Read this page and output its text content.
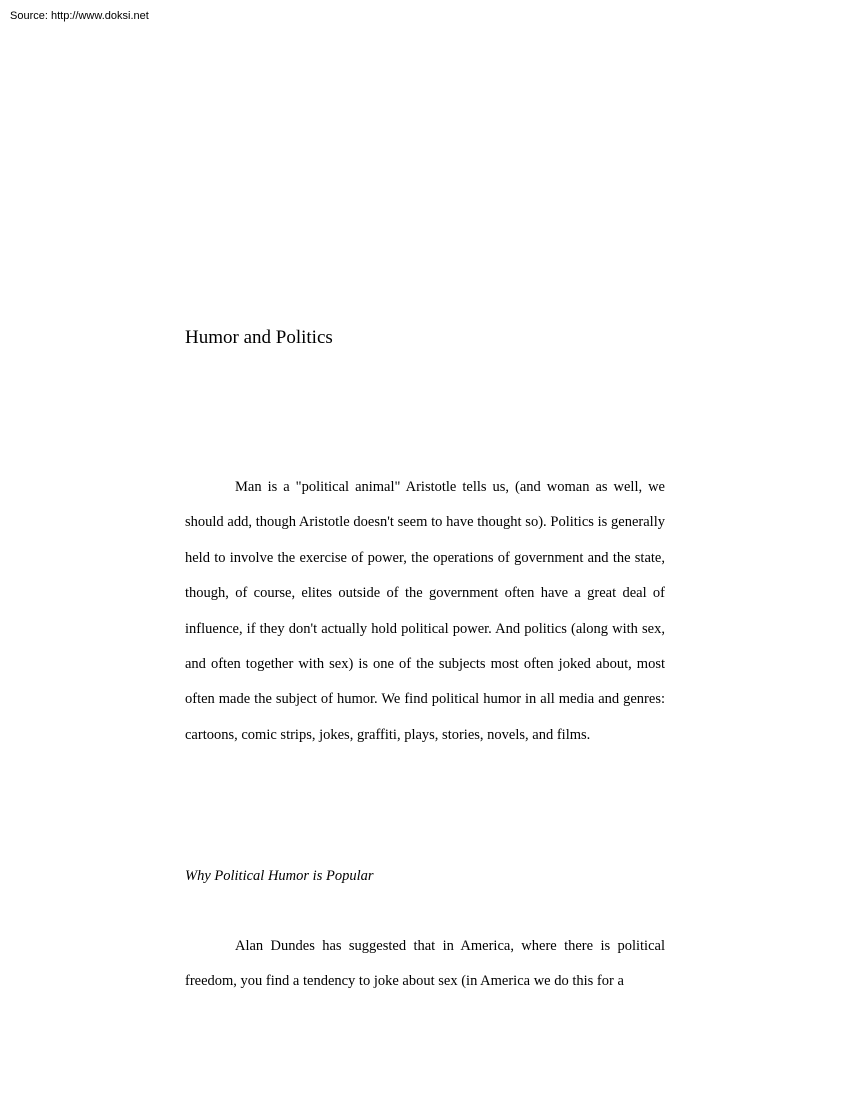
Source: http://www.doksi.net
Humor and Politics

Man is a "political animal" Aristotle tells us, (and woman as well, we should add, though Aristotle doesn't seem to have thought so). Politics is generally held to involve the exercise of power, the operations of government and the state, though, of course, elites outside of the government often have a great deal of influence, if they don't actually hold political power. And politics (along with sex, and often together with sex) is one of the subjects most often joked about, most often made the subject of humor. We find political humor in all media and genres: cartoons, comic strips, jokes, graffiti, plays, stories, novels, and films.

Why Political Humor is Popular

Alan Dundes has suggested that in America, where there is political freedom, you find a tendency to joke about sex (in America we do this for a
